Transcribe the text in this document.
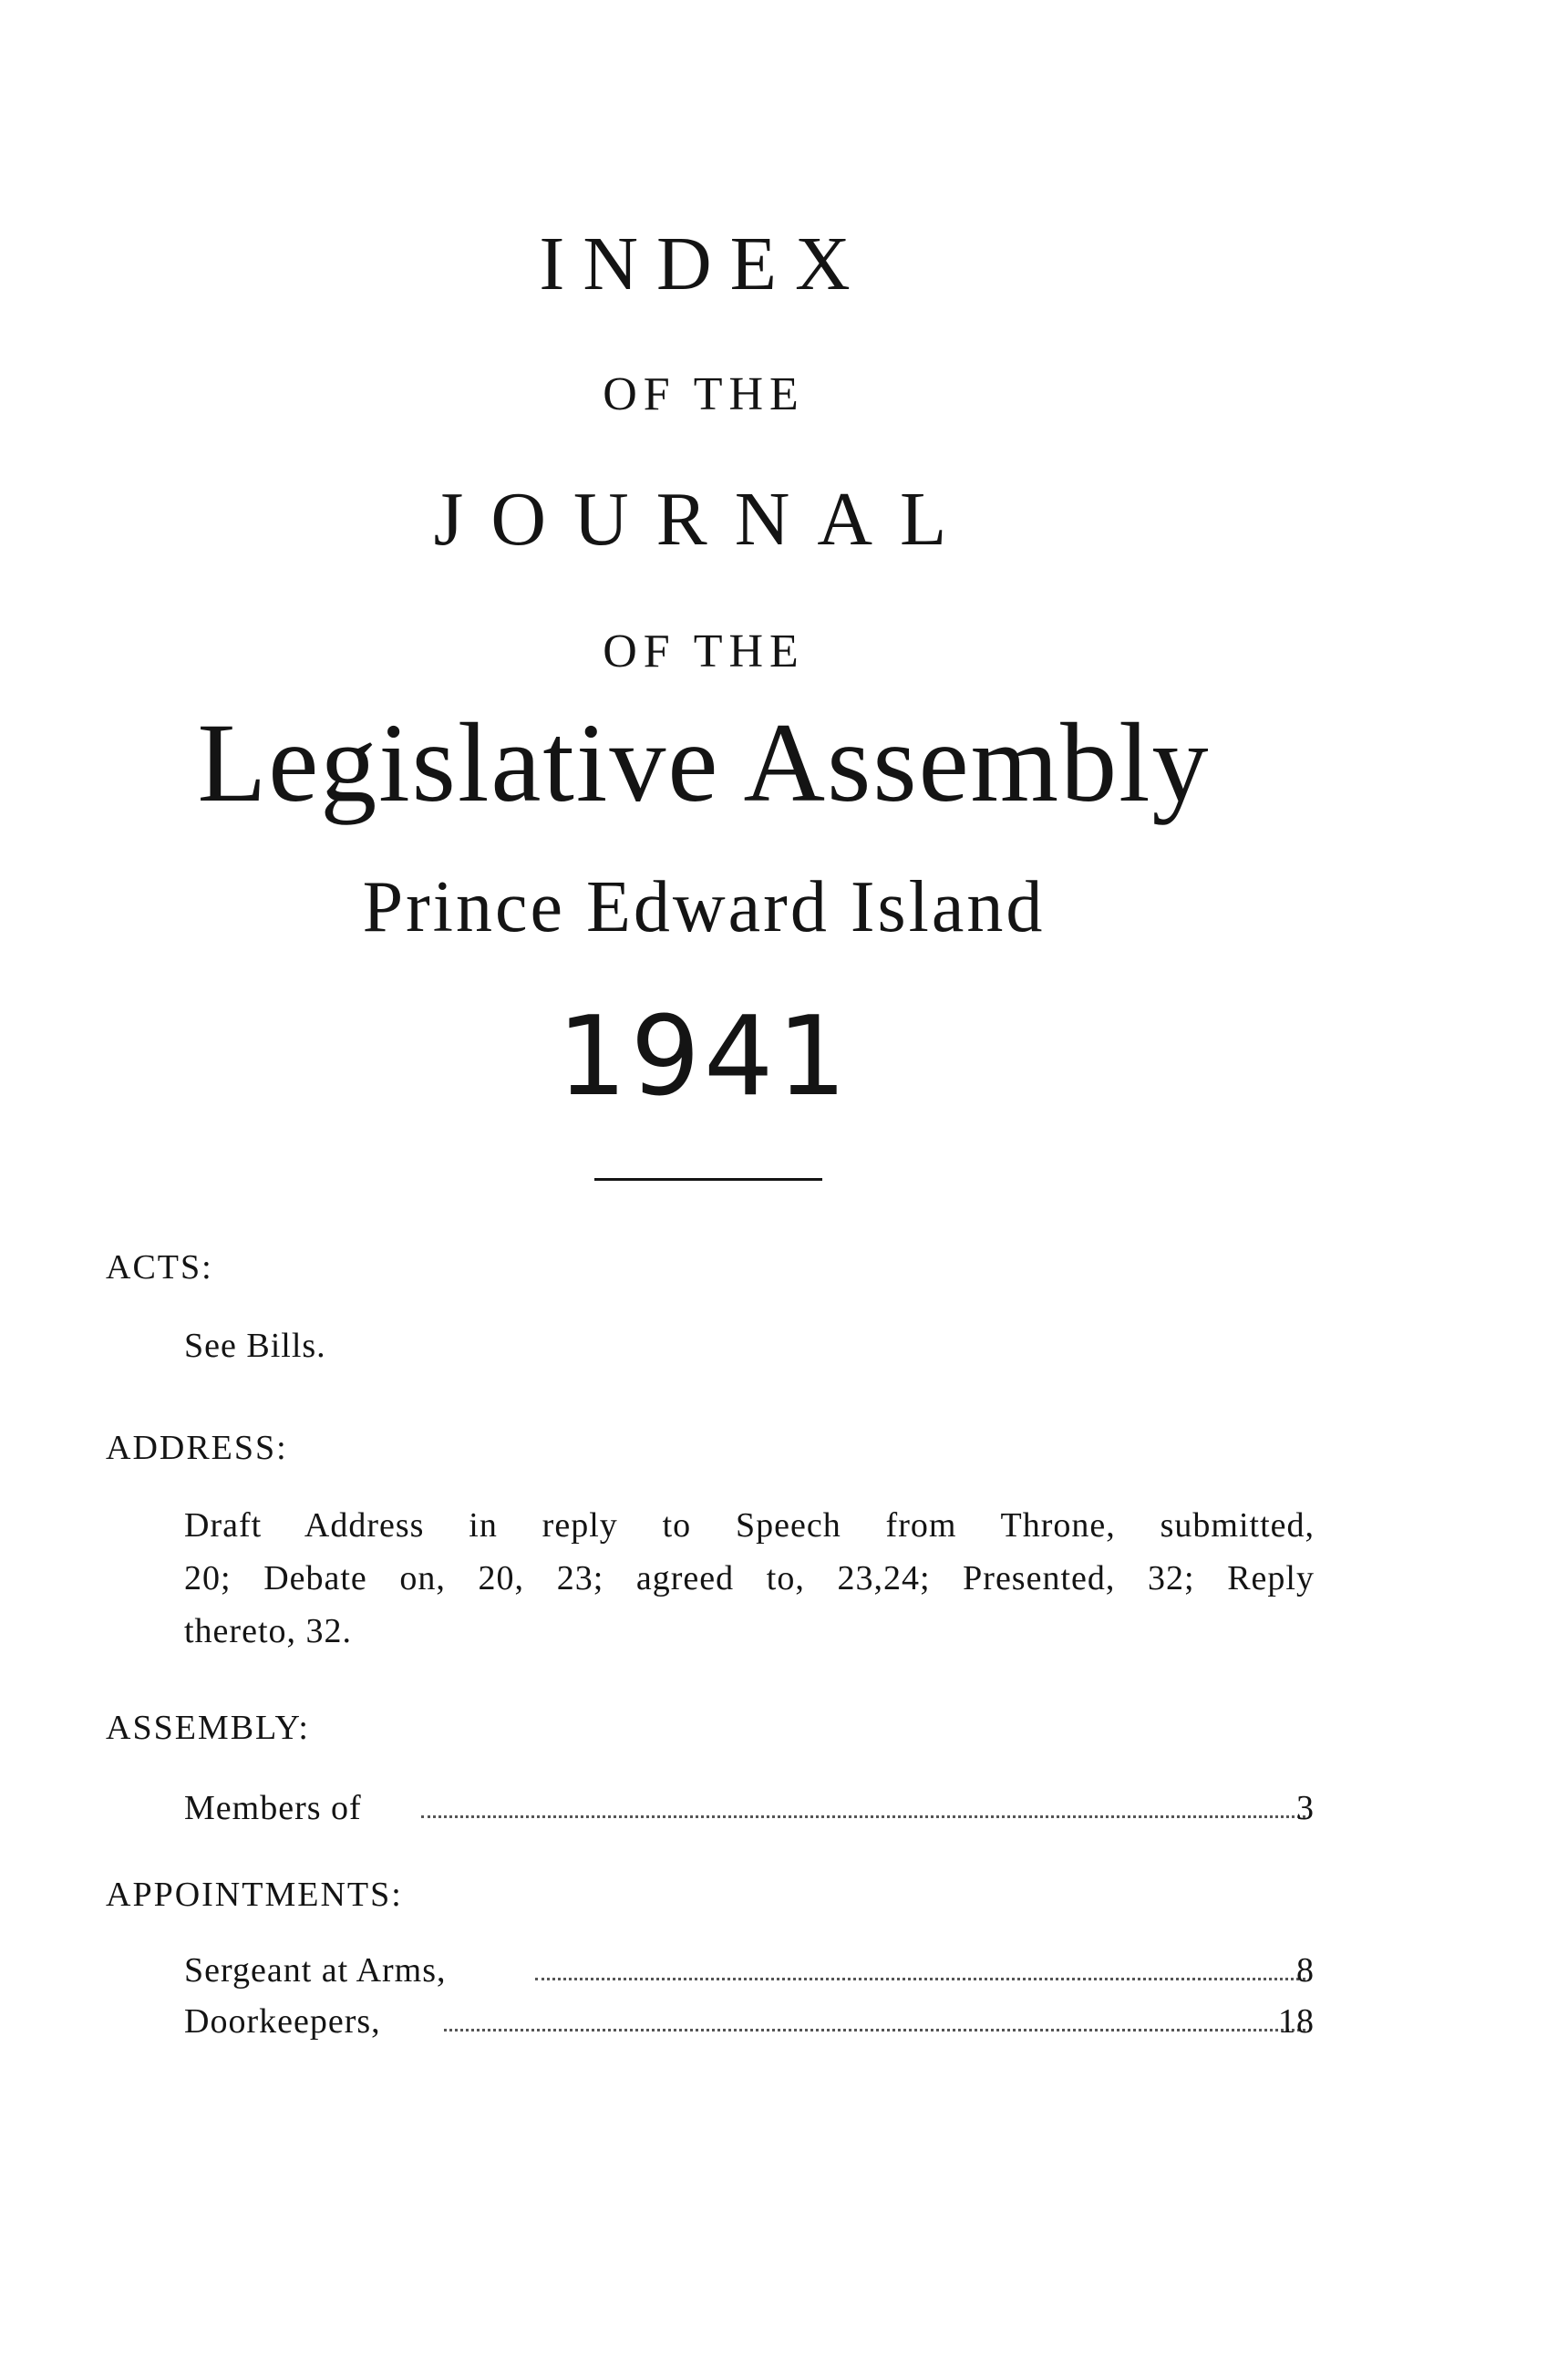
INDEX
OF THE
JOURNAL
OF THE
Legislative Assembly
Prince Edward Island
1941
ACTS:
See Bills.
ADDRESS:
Draft Address in reply to Speech from Throne, submitted,
20; Debate on, 20, 23; agreed to, 23,24; Presented, 32; Reply
thereto, 32.
ASSEMBLY:
Members of	3
APPOINTMENTS:
Sergeant at Arms,	8
Doorkeepers,	18
